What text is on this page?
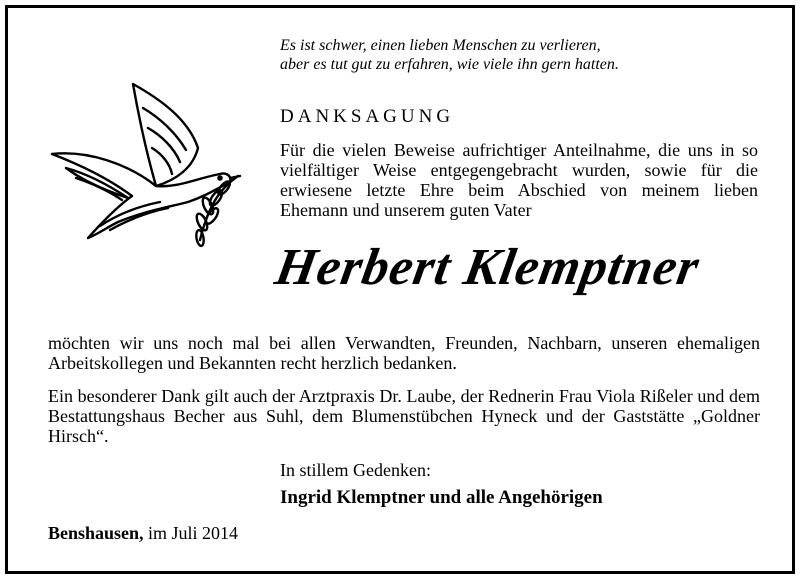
Es ist schwer, einen lieben Menschen zu verlieren,
aber es tut gut zu erfahren, wie viele ihn gern hatten.
DANKSAGUNG
Für die vielen Beweise aufrichtiger Anteilnahme, die uns in so vielfältiger Weise entgegengebracht wurden, sowie für die erwiesene letzte Ehre beim Abschied von meinem lieben Ehemann und unserem guten Vater
Herbert Klemptner
möchten wir uns noch mal bei allen Verwandten, Freunden, Nachbarn, unseren ehemaligen Arbeitskollegen und Bekannten recht herzlich bedanken.
Ein besonderer Dank gilt auch der Arztpraxis Dr. Laube, der Rednerin Frau Viola Rißeler und dem Bestattungshaus Becher aus Suhl, dem Blumenstübchen Hyneck und der Gaststätte „Goldner Hirsch“.
In stillem Gedenken:
Ingrid Klemptner und alle Angehörigen
Benshausen, im Juli 2014
